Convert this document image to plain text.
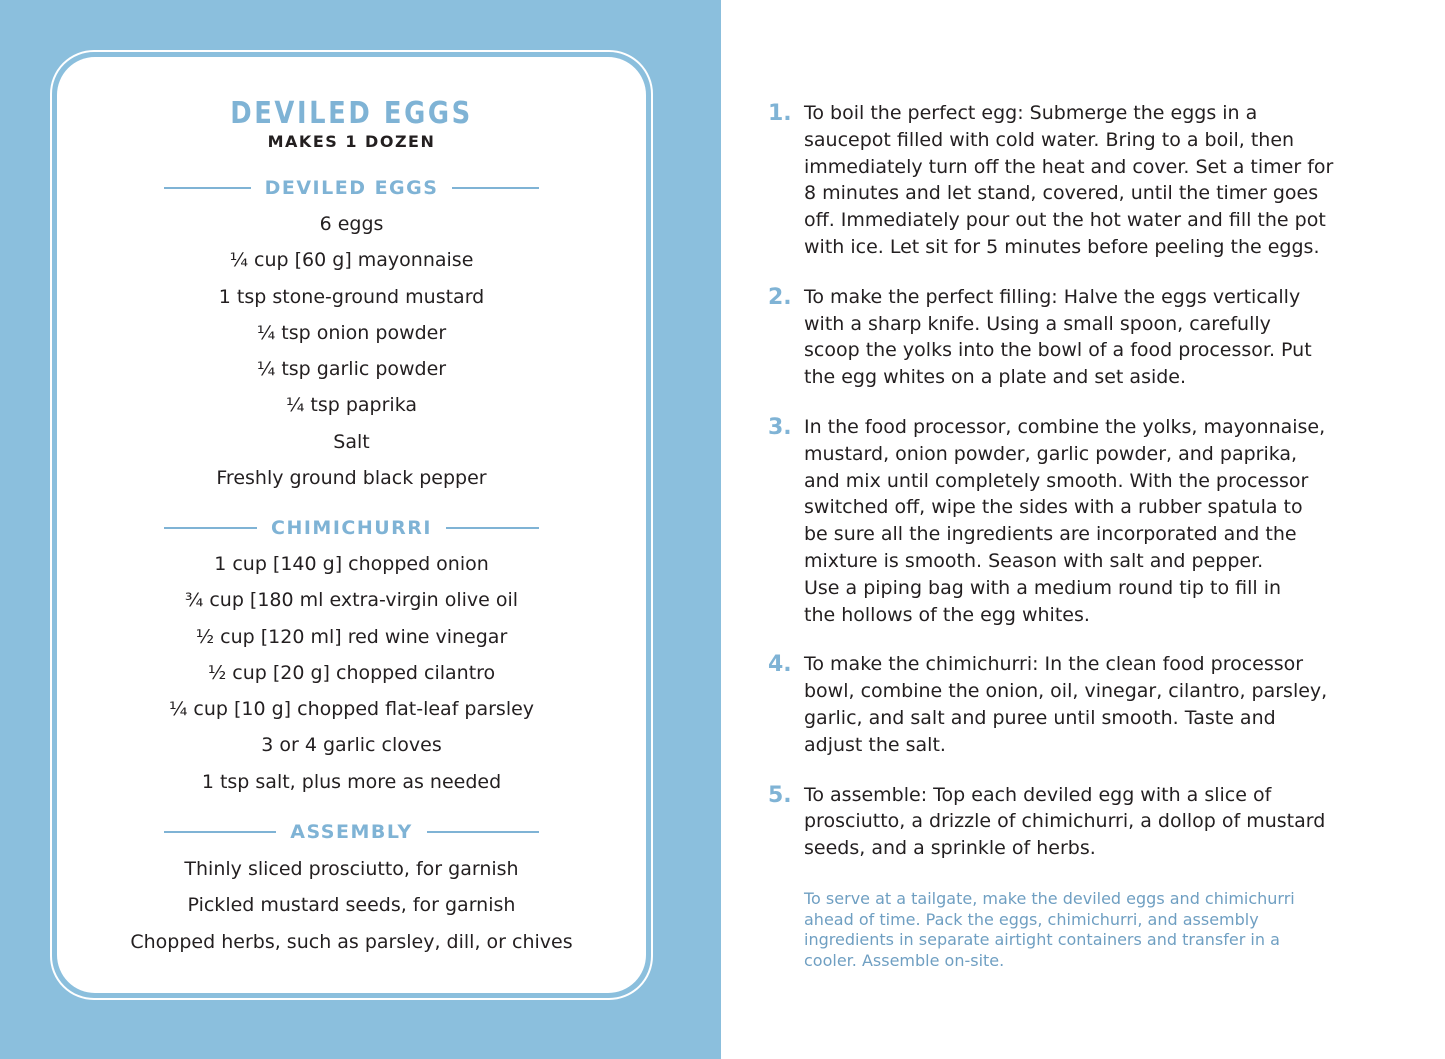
DEVILED EGGS
MAKES 1 DOZEN
DEVILED EGGS
6 eggs
¼ cup [60 g] mayonnaise
1 tsp stone-ground mustard
¼ tsp onion powder
¼ tsp garlic powder
¼ tsp paprika
Salt
Freshly ground black pepper
CHIMICHURRI
1 cup [140 g] chopped onion
¾ cup [180 ml extra-virgin olive oil
½ cup [120 ml] red wine vinegar
½ cup [20 g] chopped cilantro
¼ cup [10 g] chopped flat-leaf parsley
3 or 4 garlic cloves
1 tsp salt, plus more as needed
ASSEMBLY
Thinly sliced prosciutto, for garnish
Pickled mustard seeds, for garnish
Chopped herbs, such as parsley, dill, or chives
1. To boil the perfect egg: Submerge the eggs in a
saucepot filled with cold water. Bring to a boil, then
immediately turn off the heat and cover. Set a timer for
8 minutes and let stand, covered, until the timer goes
off. Immediately pour out the hot water and fill the pot
with ice. Let sit for 5 minutes before peeling the eggs.

2. To make the perfect filling: Halve the eggs vertically
with a sharp knife. Using a small spoon, carefully
scoop the yolks into the bowl of a food processor. Put
the egg whites on a plate and set aside.

3. In the food processor, combine the yolks, mayonnaise,
mustard, onion powder, garlic powder, and paprika,
and mix until completely smooth. With the processor
switched off, wipe the sides with a rubber spatula to
be sure all the ingredients are incorporated and the
mixture is smooth. Season with salt and pepper.
Use a piping bag with a medium round tip to fill in
the hollows of the egg whites.

4. To make the chimichurri: In the clean food processor
bowl, combine the onion, oil, vinegar, cilantro, parsley,
garlic, and salt and puree until smooth. Taste and
adjust the salt.

5. To assemble: Top each deviled egg with a slice of
prosciutto, a drizzle of chimichurri, a dollop of mustard
seeds, and a sprinkle of herbs.

To serve at a tailgate, make the deviled eggs and chimichurri
ahead of time. Pack the eggs, chimichurri, and assembly
ingredients in separate airtight containers and transfer in a
cooler. Assemble on-site.
